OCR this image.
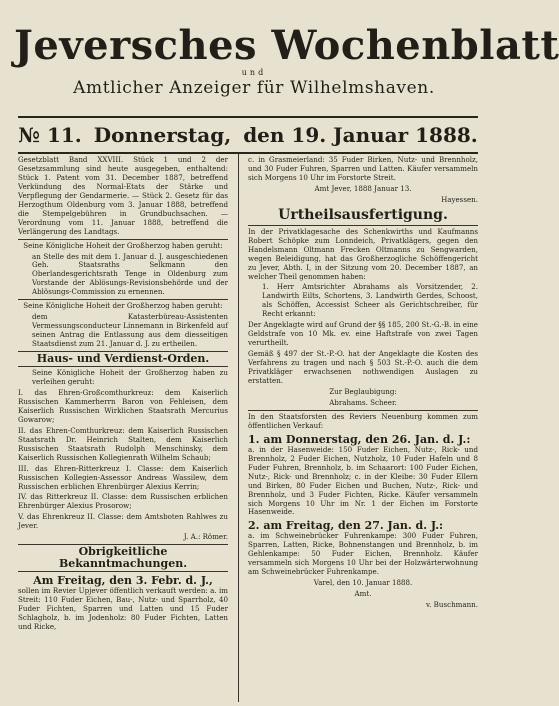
Jeversches Wochenblatt
und
Amtlicher Anzeiger für Wilhelmshaven.
№ 11. Donnerstag, den 19. Januar 1888.

Gesetzblatt Band XXVIII. Stück 1 und 2 der Gesetzsammlung sind heute ausgegeben, enthaltend: Stück 1. Patent vom 31. December 1887, betreffend Verkündung des Normal-Etats der Stärke und Verpflegung der Gendarmerie. — Stück 2. Gesetz für das Herzogthum Oldenburg vom 3. Januar 1888, betreffend die Stempelgebühren in Grundbuchsachen. — Verordnung vom 11. Januar 1888, betreffend die Verlängerung des Landtags.

Seine Königliche Hoheit der Großherzog haben geruht:

an Stelle des mit dem 1. Januar d. J. ausgeschiedenen Geh. Staatsraths Selkmann den Oberlandesgerichtsrath Tenge in Oldenburg zum Vorstande der Ablösungs-Revisionsbehörde und der Ablösungs-Commission zu ernennen.

Seine Königliche Hoheit der Großherzog haben geruht:

dem Katasterbüreau-Assistenten Vermessungsconducteur Linnemann in Birkenfeld auf seinen Antrag die Entlassung aus dem diesseitigen Staatsdienst zum 21. Januar d. J. zu ertheilen.

Haus- und Verdienst-Orden.

Seine Königliche Hoheit der Großherzog haben zu verleihen geruht:

I. das Ehren-Großcomthurkreuz: dem Kaiserlich Russischen Kammerherrn Baron von Fehleisen, dem Kaiserlich Russischen Wirklichen Staatsrath Mercurius Gowarow;

II. das Ehren-Comthurkreuz: dem Kaiserlich Russischen Staatsrath Dr. Heinrich Stalten, dem Kaiserlich Russischen Staatsrath Rudolph Menschinsky, dem Kaiserlich Russischen Kollegienrath Wilhelm Schaub;

III. das Ehren-Ritterkreuz I. Classe: dem Kaiserlich Russischen Kollegien-Assessor Andreas Wassilew, dem Russischen erblichen Ehrenbürger Alexius Kerrin;

IV. das Ritterkreuz II. Classe: dem Russischen erblichen Ehrenbürger Alexius Prosorow;

V. das Ehrenkreuz II. Classe: dem Amtsboten Rahlwes zu Jever.

J. A.: Römer.

Obrigkeitliche Bekanntmachungen.
Am Freitag, den 3. Febr. d. J.,

sollen im Revier Upjever öffentlich verkauft werden: a. im Streit: 110 Fuder Eichen, Bau-, Nutz- und Sparrholz, 40 Fuder Fichten, Sparren und Latten und 15 Fuder Schlagholz, b. im Jodenholz: 80 Fuder Fichten, Latten und Ricke,

c. in Grasmeierland: 35 Fuder Birken, Nutz- und Brennholz, und 30 Fuder Fuhren, Sparren und Latten. Käufer versammeln sich Morgens 10 Uhr im Forstorte Streit.

Amt Jever, 1888 Januar 13.

Hayessen.

Urtheilsausfertigung.

In der Privatklagesache des Schenkwirths und Kaufmanns Robert Schöpke zum Lonndeich, Privatklägers, gegen den Handelsmann Oltmann Frecken Oltmanns zu Sengwarden, wegen Beleidigung, hat das Großherzogliche Schöffengericht zu Jever, Abth. I, in der Sitzung vom 20. December 1887, an welcher Theil genommen haben:

1. Herr Amtsrichter Abrahams als Vorsitzender, 2. Landwirth Eilts, Schortens, 3. Landwirth Gerdes, Schoost, als Schöffen, Accessist Scheer als Gerichtschreiber, für Recht erkannt:

Der Angeklagte wird auf Grund der §§ 185, 200 St.-G.-B. in eine Geldstrafe von 10 Mk. ev. eine Haftstrafe von zwei Tagen verurtheilt.

Gemäß § 497 der St.-P.-O. hat der Angeklagte die Kosten des Verfahrens zu tragen und nach § 503 St.-P.-O. auch die dem Privatkläger erwachsenen nothwendigen Auslagen zu erstatten.

Zur Beglaubigung:

Abrahams. Scheer.

In den Staatsforsten des Reviers Neuenburg kommen zum öffentlichen Verkauf:

1. am Donnerstag, den 26. Jan. d. J.:

a. in der Hasenweide: 150 Fuder Eichen, Nutz-, Rick- und Brennholz, 2 Fuder Eichen, Nutzholz, 10 Fuder Hafeln und 8 Fuder Fuhren, Brennholz, b. im Schaarort: 100 Fuder Eichen, Nutz-, Rick- und Brennholz; c. in der Kleibe: 30 Fuder Ellern und Birken, 80 Fuder Eichen und Buchen, Nutz-, Rick- und Brennholz, und 3 Fuder Fichten, Ricke. Käufer versammeln sich Morgens 10 Uhr im Nr. 1 der Eichen im Forstorte Hasenweide.

2. am Freitag, den 27. Jan. d. J.:

a. im Schweinebrücker Fuhrenkampe: 300 Fuder Fuhren, Sparren, Latten, Ricke, Bohnenstangen und Brennholz, b. im Gehlenkampe: 50 Fuder Eichen, Brennholz. Käufer versammeln sich Morgens 10 Uhr bei der Holzwärterwohnung am Schweinebrücker Fuhrenkampe.

Varel, den 10. Januar 1888.

Amt.

v. Buschmann.
